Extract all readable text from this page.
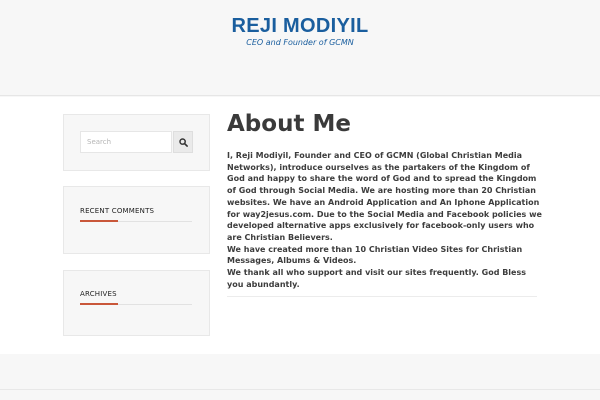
REJI MODIYIL
CEO and Founder of GCMN
Search
RECENT COMMENTS
ARCHIVES
About Me

I, Reji Modiyil, Founder and CEO of GCMN (Global Christian Media Networks), introduce ourselves as the partakers of the Kingdom of God and happy to share the word of God and to spread the Kingdom of God through Social Media. We are hosting more than 20 Christian websites. We have an Android Application and An Iphone Application for way2jesus.com. Due to the Social Media and Facebook policies we developed alternative apps exclusively for facebook-only users who are Christian Believers.

We have created more than 10 Christian Video Sites for Christian Messages, Albums & Videos.

We thank all who support and visit our sites frequently. God Bless you abundantly.
